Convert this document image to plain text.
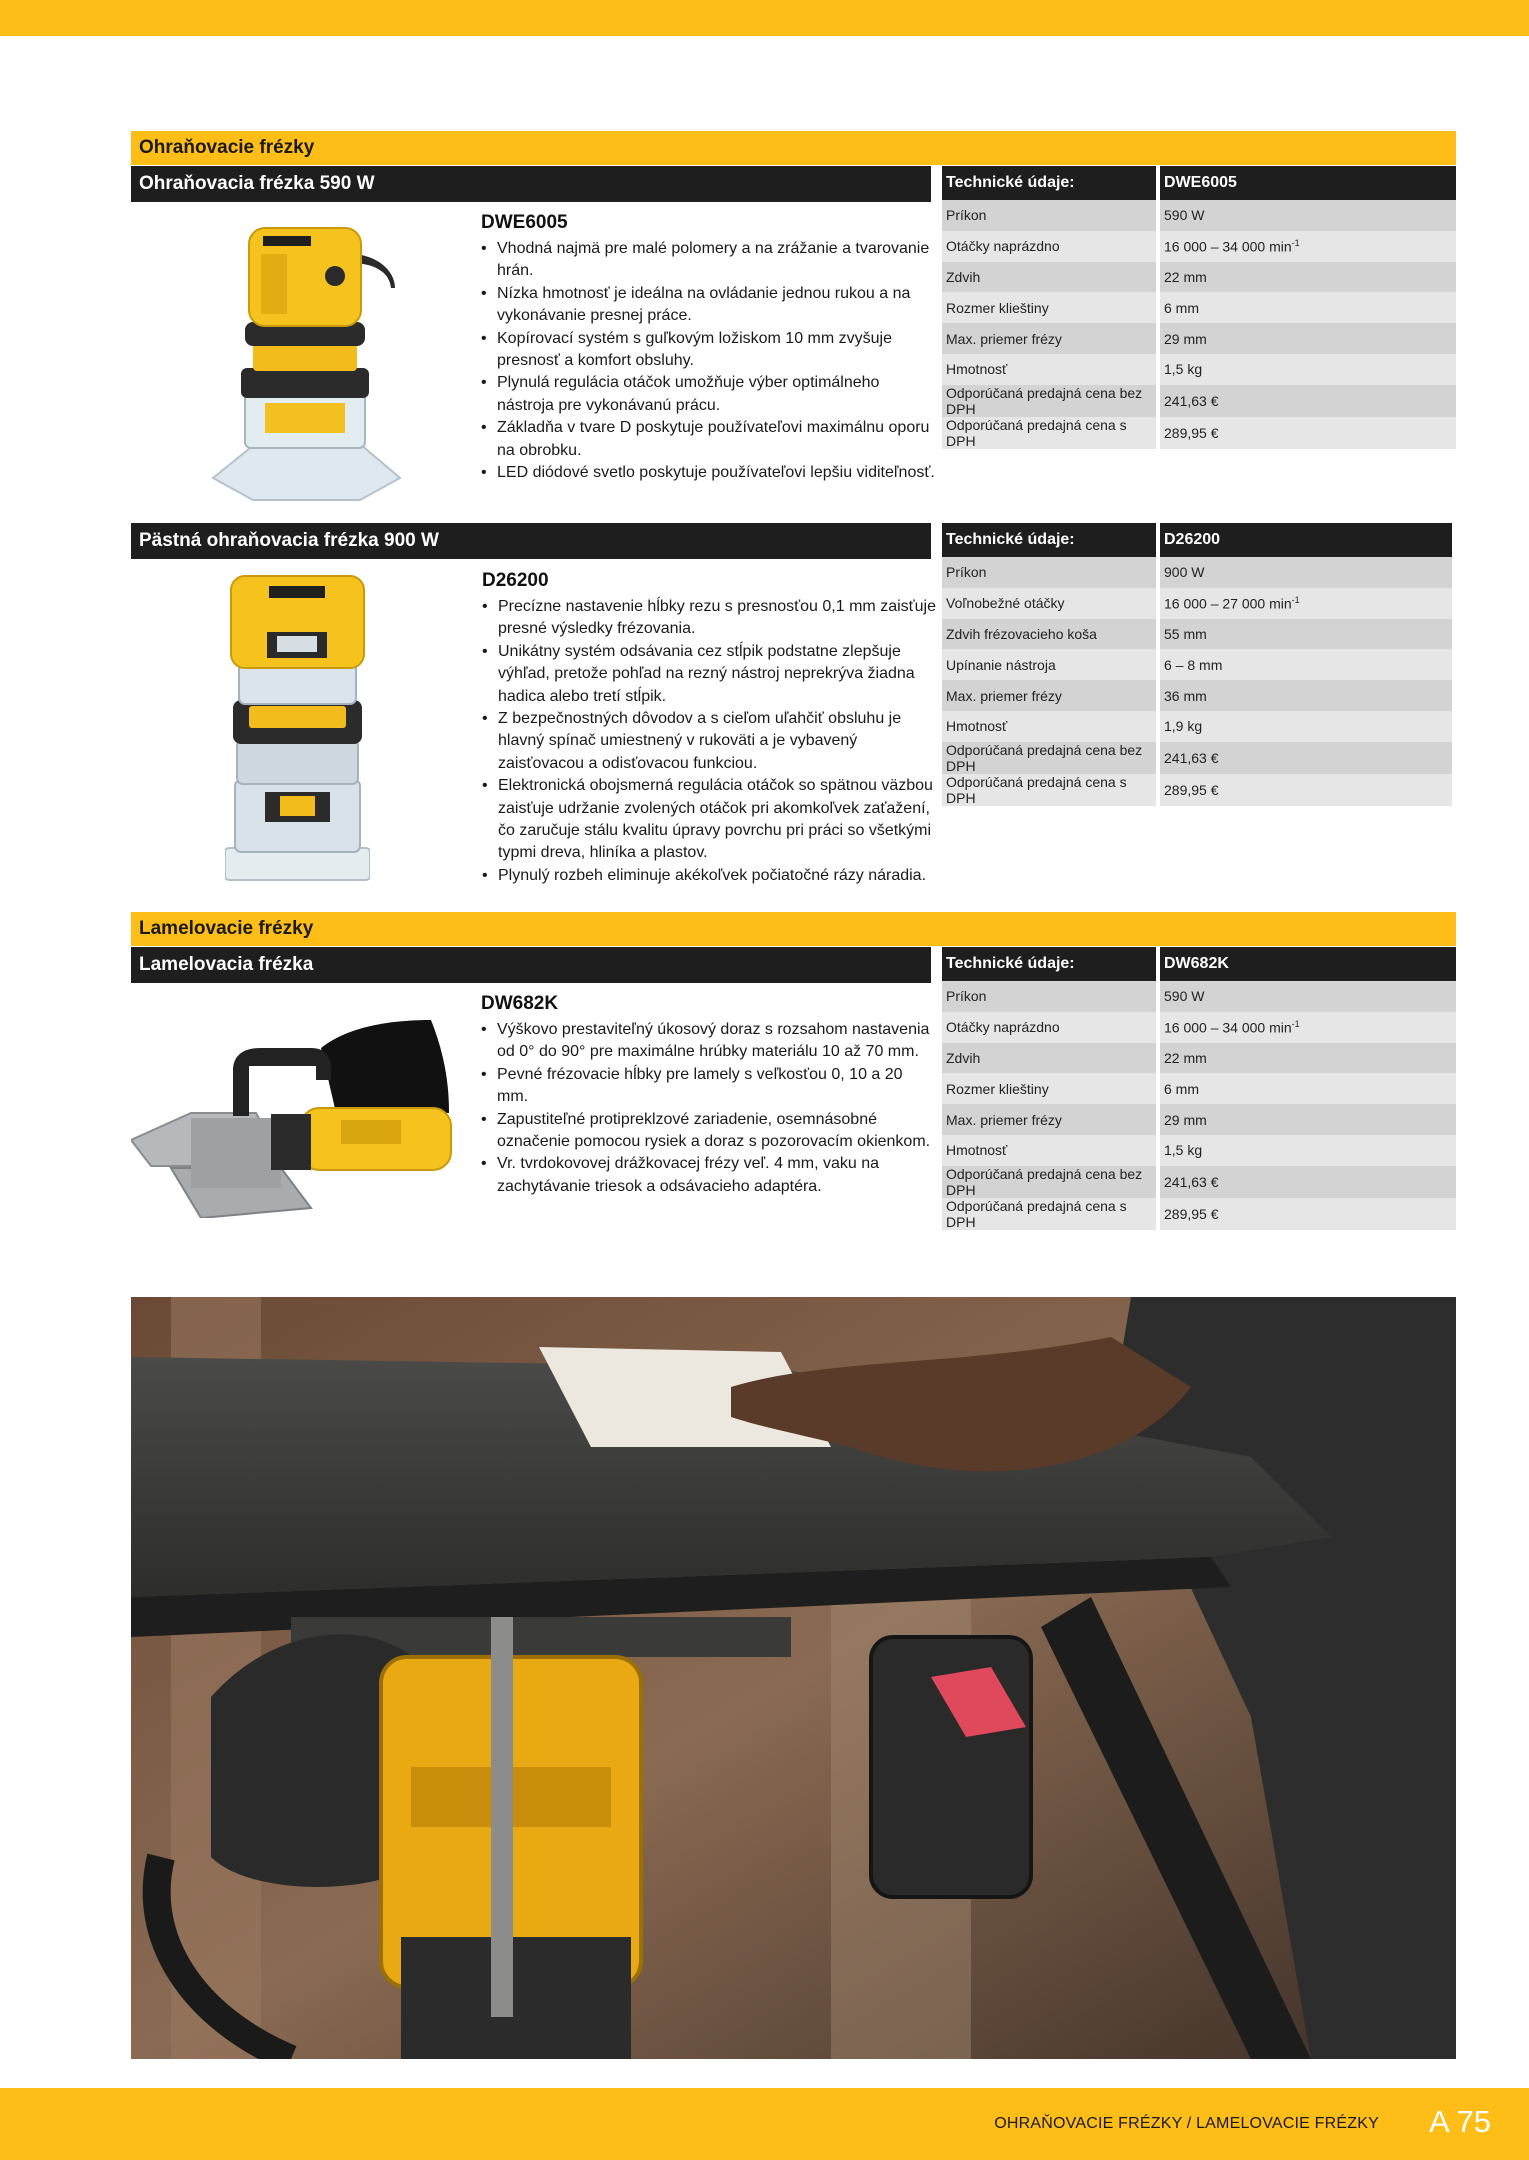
Ohraňovacie frézky
Ohraňovacia frézka 590 W
DWE6005
• Vhodná najmä pre malé polomery a na zrážanie a tvarovanie hrán.
• Nízka hmotnosť je ideálna na ovládanie jednou rukou a na vykonávanie presnej práce.
• Kopírovací systém s guľkovým ložiskom 10 mm zvyšuje presnosť a komfort obsluhy.
• Plynulá regulácia otáčok umožňuje výber optimálneho nástroja pre vykonávanú prácu.
• Základňa v tvare D poskytuje používateľovi maximálnu oporu na obrobku.
• LED diódové svetlo poskytuje používateľovi lepšiu viditeľnosť.
Technické údaje:	DWE6005
Príkon	590 W
Otáčky naprázdno	16 000 – 34 000 $\min^{-1}$
Zdvih	22 mm
Rozmer klieštiny	6 mm
Max. priemer frézy	29 mm
Hmotnosť	1,5 kg
Odporúčaná predajná cena bez DPH	241,63 €
Odporúčaná predajná cena s DPH	289,95 €
Pästná ohraňovacia frézka 900 W
D26200
• Precízne nastavenie hĺbky rezu s presnosťou 0,1 mm zaisťuje presné výsledky frézovania.
• Unikátny systém odsávania cez stĺpik podstatne zlepšuje výhľad, pretože pohľad na rezný nástroj neprekrýva žiadna hadica alebo tretí stĺpik.
• Z bezpečnostných dôvodov a s cieľom uľahčiť obsluhu je hlavný spínač umiestnený v rukoväti a je vybavený zaisťovacou a odisťovacou funkciou.
• Elektronická obojsmerná regulácia otáčok so spätnou väzbou zaisťuje udržanie zvolených otáčok pri akomkoľvek zaťažení, čo zaručuje stálu kvalitu úpravy povrchu pri práci so všetkými typmi dreva, hliníka a plastov.
• Plynulý rozbeh eliminuje akékoľvek počiatočné rázy náradia.
Technické údaje:	D26200
Príkon	900 W
Voľnobežné otáčky	16 000 – 27 000 $\min^{-1}$
Zdvih frézovacieho koša	55 mm
Upínanie nástroja	6 – 8 mm
Max. priemer frézy	36 mm
Hmotnosť	1,9 kg
Odporúčaná predajná cena bez DPH	241,63 €
Odporúčaná predajná cena s DPH	289,95 €
Lamelovacie frézky
Lamelovacia frézka
DW682K
• Výškovo prestaviteľný úkosový doraz s rozsahom nastavenia od 0° do 90° pre maximálne hrúbky materiálu 10 až 70 mm.
• Pevné frézovacie hĺbky pre lamely s veľkosťou 0, 10 a 20 mm.
• Zapustiteľné protipreklzové zariadenie, osemnásobné označenie pomocou rysiek a doraz s pozorovacím okienkom.
• Vr. tvrdokovovej drážkovacej frézy veľ. 4 mm, vaku na zachytávanie triesok a odsávacieho adaptéra.
Technické údaje:	DW682K
Príkon	590 W
Otáčky naprázdno	16 000 – 34 000 $\min^{-1}$
Zdvih	22 mm
Rozmer klieštiny	6 mm
Max. priemer frézy	29 mm
Hmotnosť	1,5 kg
Odporúčaná predajná cena bez DPH	241,63 €
Odporúčaná predajná cena s DPH	289,95 €
OHRAŇOVACIE FRÉZKY / LAMELOVACIE FRÉZKY A 75
